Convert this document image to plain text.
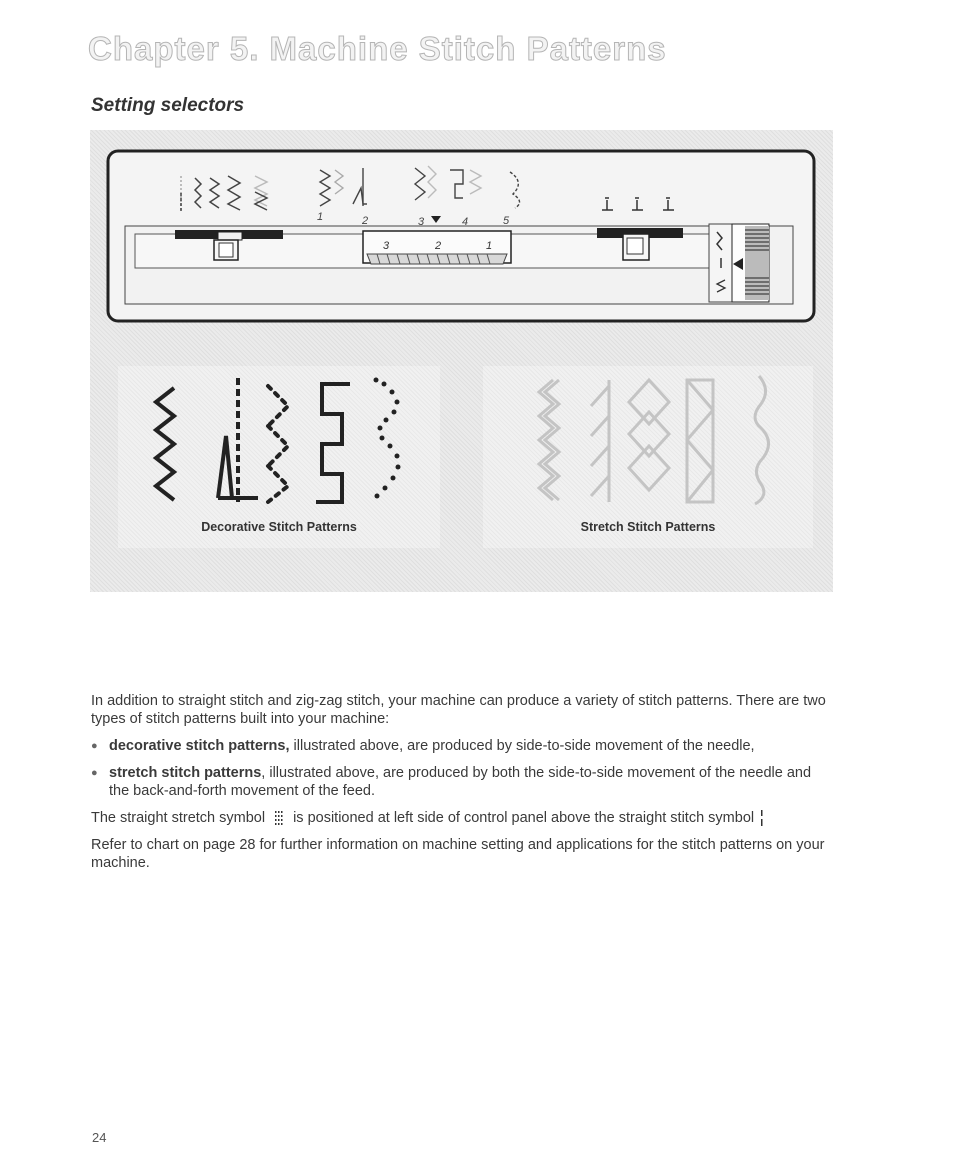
Chapter 5. Machine Stitch Patterns
Setting selectors
1	2	3	4	5
3	2	1
Decorative Stitch Patterns	Stretch Stitch Patterns

In addition to straight stitch and zig-zag stitch, your machine can produce a variety of stitch patterns. There are two types of stitch patterns built into your machine:

● decorative stitch patterns, illustrated above, are produced by side-to-side movement of the needle,

● stretch stitch patterns, illustrated above, are produced by both the side-to-side movement of the needle and the back-and-forth movement of the feed.

The straight stretch symbol is positioned at left side of control panel above the straight stitch symbol

Refer to chart on page 28 for further information on machine setting and applications for the stitch patterns on your machine.

24
